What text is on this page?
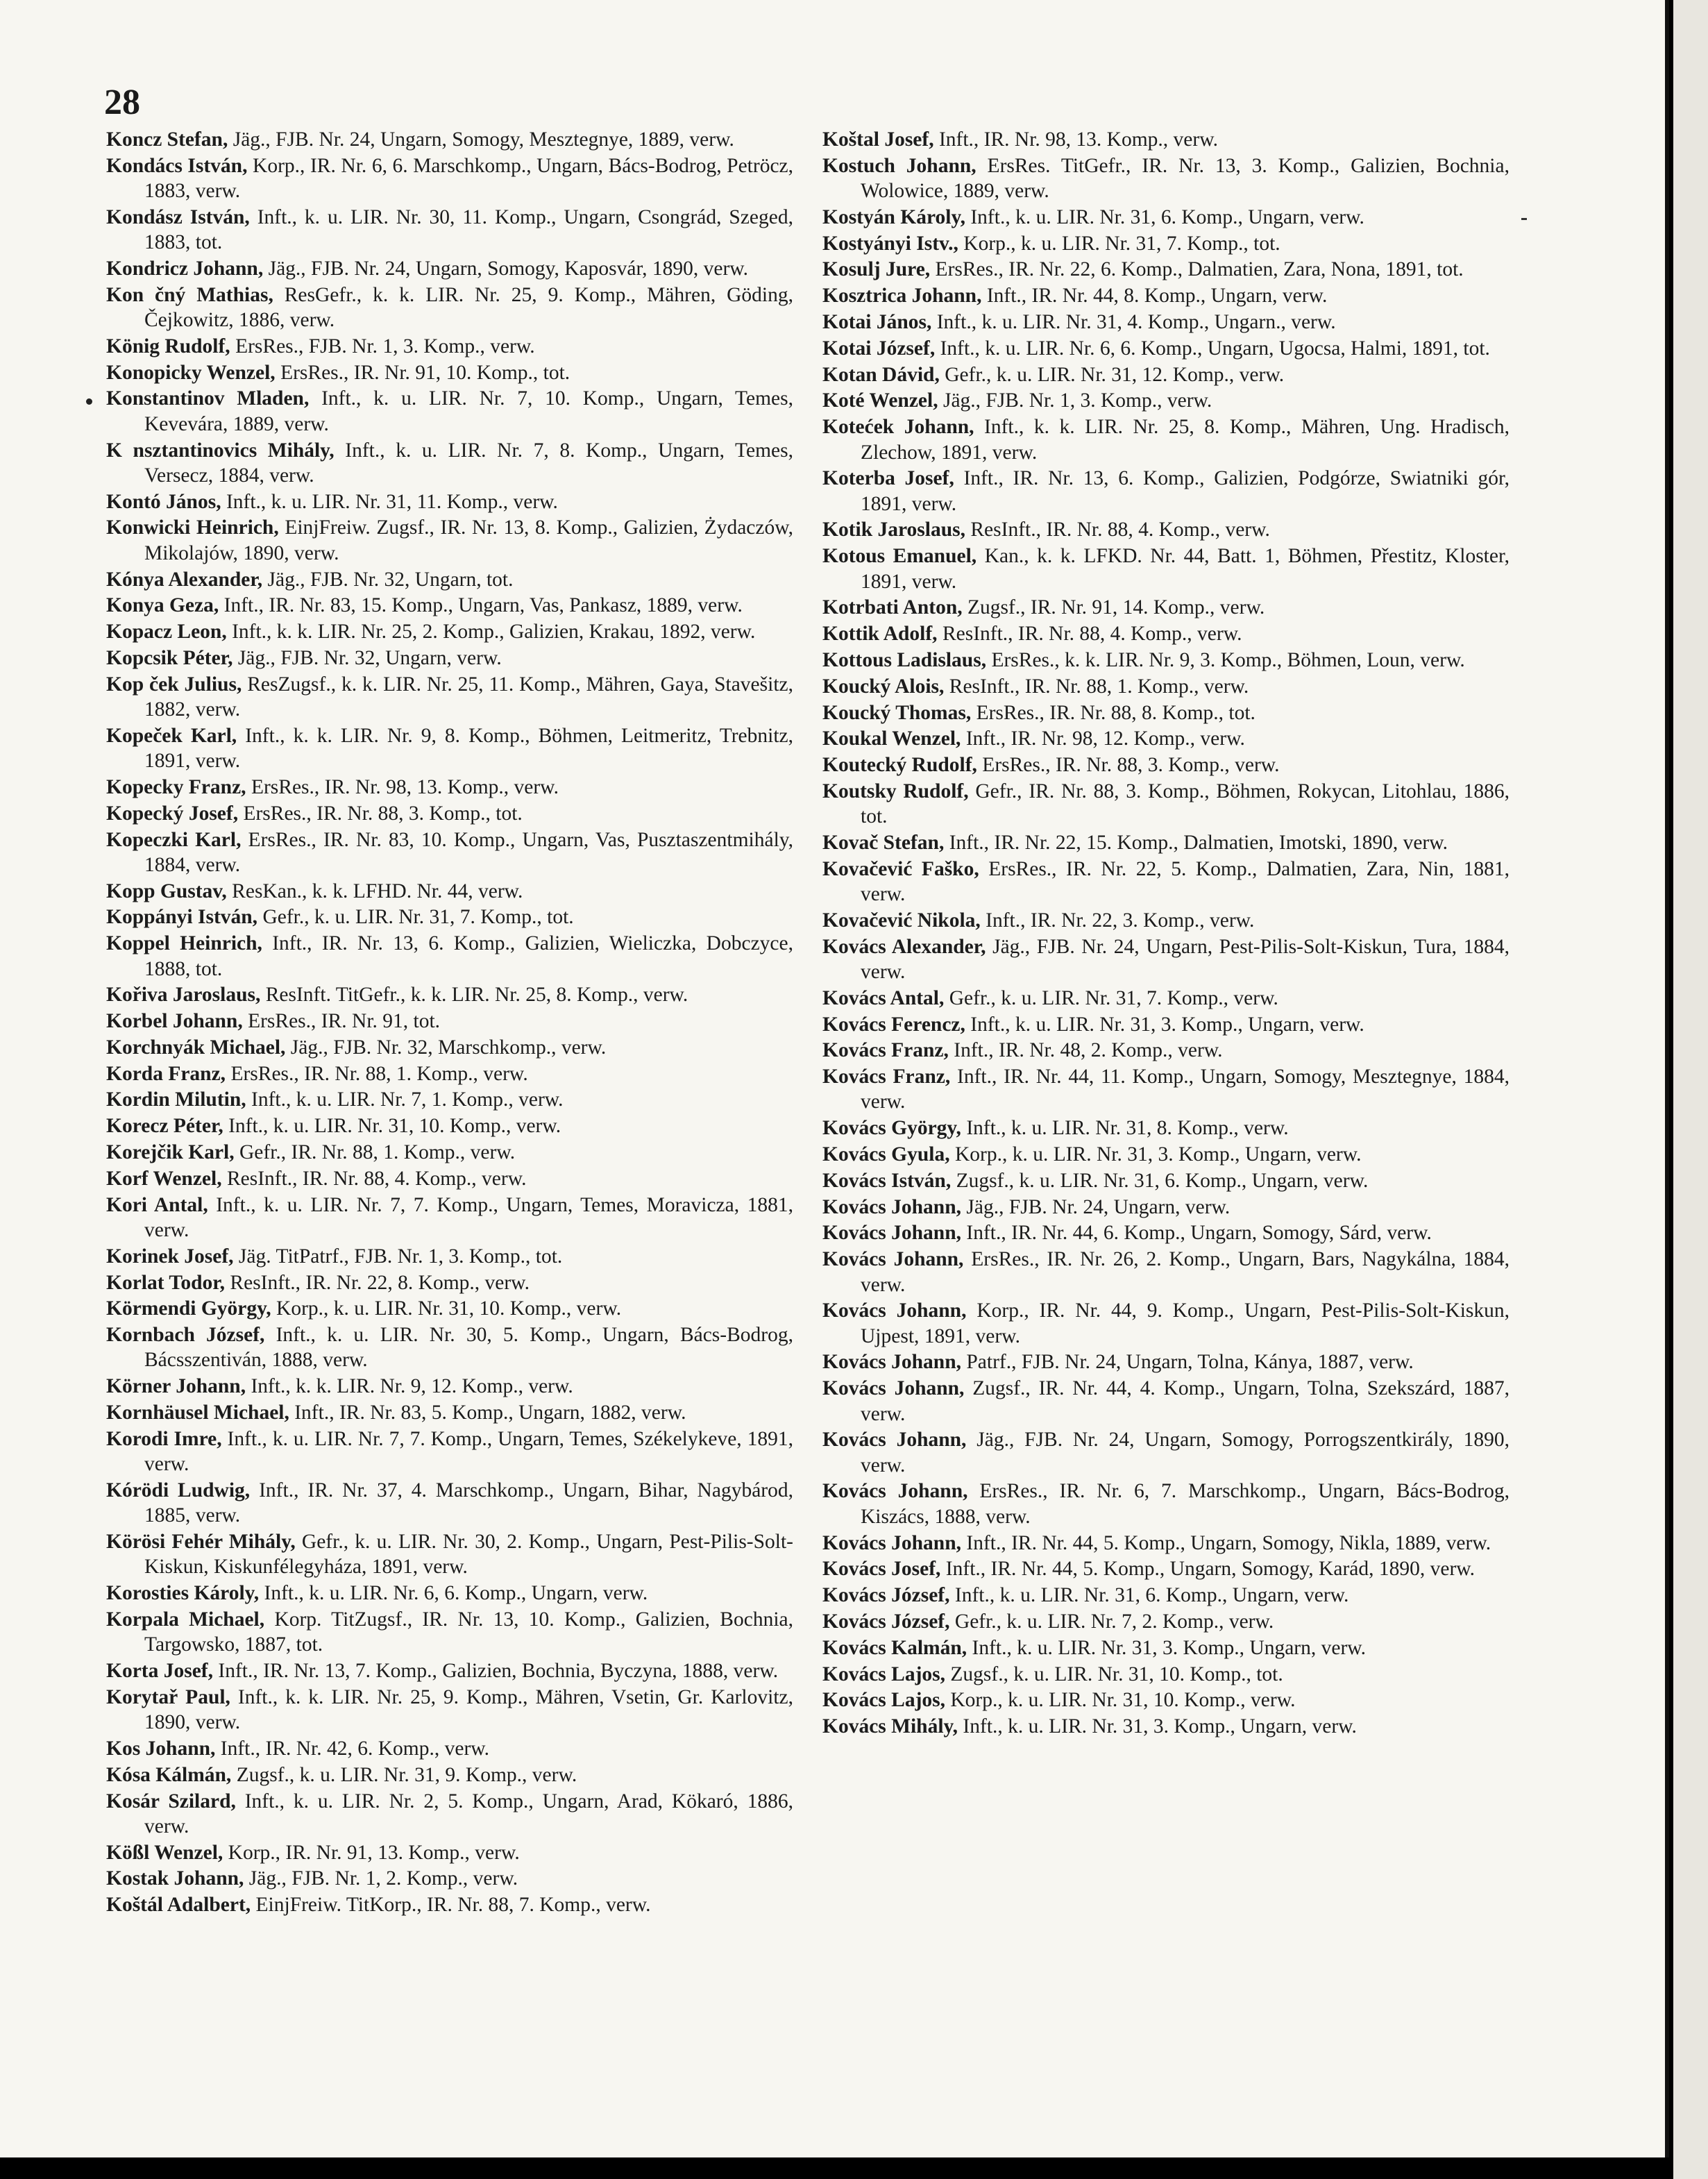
28

Koncz Stefan, Jäg., FJB. Nr. 24, Ungarn, Somogy, Mesztegnye, 1889, verw.

Kondács István, Korp., IR. Nr. 6, 6. Marschkomp., Ungarn, Bács-Bodrog, Petröcz, 1883, verw.

Kondász István, Inft., k. u. LIR. Nr. 30, 11. Komp., Ungarn, Csongrád, Szeged, 1883, tot.

Kondricz Johann, Jäg., FJB. Nr. 24, Ungarn, Somogy, Kaposvár, 1890, verw.

Kon čný Mathias, ResGefr., k. k. LIR. Nr. 25, 9. Komp., Mähren, Göding, Čejkowitz, 1886, verw.

König Rudolf, ErsRes., FJB. Nr. 1, 3. Komp., verw.

Konopicky Wenzel, ErsRes., IR. Nr. 91, 10. Komp., tot.

Konstantinov Mladen, Inft., k. u. LIR. Nr. 7, 10. Komp., Ungarn, Temes, Kevevára, 1889, verw.

K nsztantinovics Mihály, Inft., k. u. LIR. Nr. 7, 8. Komp., Ungarn, Temes, Versecz, 1884, verw.

Kontó János, Inft., k. u. LIR. Nr. 31, 11. Komp., verw.

Konwicki Heinrich, EinjFreiw. Zugsf., IR. Nr. 13, 8. Komp., Galizien, Żydaczów, Mikolajów, 1890, verw.

Kónya Alexander, Jäg., FJB. Nr. 32, Ungarn, tot.

Konya Geza, Inft., IR. Nr. 83, 15. Komp., Ungarn, Vas, Pankasz, 1889, verw.

Kopacz Leon, Inft., k. k. LIR. Nr. 25, 2. Komp., Galizien, Krakau, 1892, verw.

Kopcsik Péter, Jäg., FJB. Nr. 32, Ungarn, verw.

Kop ček Julius, ResZugsf., k. k. LIR. Nr. 25, 11. Komp., Mähren, Gaya, Stavešitz, 1882, verw.

Kopeček Karl, Inft., k. k. LIR. Nr. 9, 8. Komp., Böhmen, Leitmeritz, Trebnitz, 1891, verw.

Kopecky Franz, ErsRes., IR. Nr. 98, 13. Komp., verw.

Kopecký Josef, ErsRes., IR. Nr. 88, 3. Komp., tot.

Kopeczki Karl, ErsRes., IR. Nr. 83, 10. Komp., Ungarn, Vas, Pusztaszentmihály, 1884, verw.

Kopp Gustav, ResKan., k. k. LFHD. Nr. 44, verw.

Koppányi István, Gefr., k. u. LIR. Nr. 31, 7. Komp., tot.

Koppel Heinrich, Inft., IR. Nr. 13, 6. Komp., Galizien, Wieliczka, Dobczyce, 1888, tot.

Kořiva Jaroslaus, ResInft. TitGefr., k. k. LIR. Nr. 25, 8. Komp., verw.

Korbel Johann, ErsRes., IR. Nr. 91, tot.

Korchnyák Michael, Jäg., FJB. Nr. 32, Marschkomp., verw.

Korda Franz, ErsRes., IR. Nr. 88, 1. Komp., verw.

Kordin Milutin, Inft., k. u. LIR. Nr. 7, 1. Komp., verw.

Korecz Péter, Inft., k. u. LIR. Nr. 31, 10. Komp., verw.

Korejčik Karl, Gefr., IR. Nr. 88, 1. Komp., verw.

Korf Wenzel, ResInft., IR. Nr. 88, 4. Komp., verw.

Kori Antal, Inft., k. u. LIR. Nr. 7, 7. Komp., Ungarn, Temes, Moravicza, 1881, verw.

Korinek Josef, Jäg. TitPatrf., FJB. Nr. 1, 3. Komp., tot.

Korlat Todor, ResInft., IR. Nr. 22, 8. Komp., verw.

Körmendi György, Korp., k. u. LIR. Nr. 31, 10. Komp., verw.

Kornbach József, Inft., k. u. LIR. Nr. 30, 5. Komp., Ungarn, Bács-Bodrog, Bácsszentiván, 1888, verw.

Körner Johann, Inft., k. k. LIR. Nr. 9, 12. Komp., verw.

Kornhäusel Michael, Inft., IR. Nr. 83, 5. Komp., Ungarn, 1882, verw.

Korodi Imre, Inft., k. u. LIR. Nr. 7, 7. Komp., Ungarn, Temes, Székelykeve, 1891, verw.

Kórödi Ludwig, Inft., IR. Nr. 37, 4. Marschkomp., Ungarn, Bihar, Nagybárod, 1885, verw.

Körösi Fehér Mihály, Gefr., k. u. LIR. Nr. 30, 2. Komp., Ungarn, Pest-Pilis-Solt-Kiskun, Kiskunfélegyháza, 1891, verw.

Korosties Károly, Inft., k. u. LIR. Nr. 6, 6. Komp., Ungarn, verw.

Korpala Michael, Korp. TitZugsf., IR. Nr. 13, 10. Komp., Galizien, Bochnia, Targowsko, 1887, tot.

Korta Josef, Inft., IR. Nr. 13, 7. Komp., Galizien, Bochnia, Byczyna, 1888, verw.

Korytař Paul, Inft., k. k. LIR. Nr. 25, 9. Komp., Mähren, Vsetin, Gr. Karlovitz, 1890, verw.

Kos Johann, Inft., IR. Nr. 42, 6. Komp., verw.

Kósa Kálmán, Zugsf., k. u. LIR. Nr. 31, 9. Komp., verw.

Kosár Szilard, Inft., k. u. LIR. Nr. 2, 5. Komp., Ungarn, Arad, Kökaró, 1886, verw.

Kößl Wenzel, Korp., IR. Nr. 91, 13. Komp., verw.

Kostak Johann, Jäg., FJB. Nr. 1, 2. Komp., verw.

Koštál Adalbert, EinjFreiw. TitKorp., IR. Nr. 88, 7. Komp., verw.

Koštal Josef, Inft., IR. Nr. 98, 13. Komp., verw.

Kostuch Johann, ErsRes. TitGefr., IR. Nr. 13, 3. Komp., Galizien, Bochnia, Wolowice, 1889, verw.

Kostyán Károly, Inft., k. u. LIR. Nr. 31, 6. Komp., Ungarn, verw.

Kostyányi Istv., Korp., k. u. LIR. Nr. 31, 7. Komp., tot.

Kosulj Jure, ErsRes., IR. Nr. 22, 6. Komp., Dalmatien, Zara, Nona, 1891, tot.

Kosztrica Johann, Inft., IR. Nr. 44, 8. Komp., Ungarn, verw.

Kotai János, Inft., k. u. LIR. Nr. 31, 4. Komp., Ungarn., verw.

Kotai József, Inft., k. u. LIR. Nr. 6, 6. Komp., Ungarn, Ugocsa, Halmi, 1891, tot.

Kotan Dávid, Gefr., k. u. LIR. Nr. 31, 12. Komp., verw.

Koté Wenzel, Jäg., FJB. Nr. 1, 3. Komp., verw.

Kotećek Johann, Inft., k. k. LIR. Nr. 25, 8. Komp., Mähren, Ung. Hradisch, Zlechow, 1891, verw.

Koterba Josef, Inft., IR. Nr. 13, 6. Komp., Galizien, Podgórze, Swiatniki gór, 1891, verw.

Kotik Jaroslaus, ResInft., IR. Nr. 88, 4. Komp., verw.

Kotous Emanuel, Kan., k. k. LFKD. Nr. 44, Batt. 1, Böhmen, Přestitz, Kloster, 1891, verw.

Kotrbati Anton, Zugsf., IR. Nr. 91, 14. Komp., verw.

Kottik Adolf, ResInft., IR. Nr. 88, 4. Komp., verw.

Kottous Ladislaus, ErsRes., k. k. LIR. Nr. 9, 3. Komp., Böhmen, Loun, verw.

Koucký Alois, ResInft., IR. Nr. 88, 1. Komp., verw.

Koucký Thomas, ErsRes., IR. Nr. 88, 8. Komp., tot.

Koukal Wenzel, Inft., IR. Nr. 98, 12. Komp., verw.

Koutecký Rudolf, ErsRes., IR. Nr. 88, 3. Komp., verw.

Koutsky Rudolf, Gefr., IR. Nr. 88, 3. Komp., Böhmen, Rokycan, Litohlau, 1886, tot.

Kovač Stefan, Inft., IR. Nr. 22, 15. Komp., Dalmatien, Imotski, 1890, verw.

Kovačević Faško, ErsRes., IR. Nr. 22, 5. Komp., Dalmatien, Zara, Nin, 1881, verw.

Kovačević Nikola, Inft., IR. Nr. 22, 3. Komp., verw.

Kovács Alexander, Jäg., FJB. Nr. 24, Ungarn, Pest-Pilis-Solt-Kiskun, Tura, 1884, verw.

Kovács Antal, Gefr., k. u. LIR. Nr. 31, 7. Komp., verw.

Kovács Ferencz, Inft., k. u. LIR. Nr. 31, 3. Komp., Ungarn, verw.

Kovács Franz, Inft., IR. Nr. 48, 2. Komp., verw.

Kovács Franz, Inft., IR. Nr. 44, 11. Komp., Ungarn, Somogy, Mesztegnye, 1884, verw.

Kovács György, Inft., k. u. LIR. Nr. 31, 8. Komp., verw.

Kovács Gyula, Korp., k. u. LIR. Nr. 31, 3. Komp., Ungarn, verw.

Kovács István, Zugsf., k. u. LIR. Nr. 31, 6. Komp., Ungarn, verw.

Kovács Johann, Jäg., FJB. Nr. 24, Ungarn, verw.

Kovács Johann, Inft., IR. Nr. 44, 6. Komp., Ungarn, Somogy, Sárd, verw.

Kovács Johann, ErsRes., IR. Nr. 26, 2. Komp., Ungarn, Bars, Nagykálna, 1884, verw.

Kovács Johann, Korp., IR. Nr. 44, 9. Komp., Ungarn, Pest-Pilis-Solt-Kiskun, Ujpest, 1891, verw.

Kovács Johann, Patrf., FJB. Nr. 24, Ungarn, Tolna, Kánya, 1887, verw.

Kovács Johann, Zugsf., IR. Nr. 44, 4. Komp., Ungarn, Tolna, Szekszárd, 1887, verw.

Kovács Johann, Jäg., FJB. Nr. 24, Ungarn, Somogy, Porrogszentkirály, 1890, verw.

Kovács Johann, ErsRes., IR. Nr. 6, 7. Marschkomp., Ungarn, Bács-Bodrog, Kiszács, 1888, verw.

Kovács Johann, Inft., IR. Nr. 44, 5. Komp., Ungarn, Somogy, Nikla, 1889, verw.

Kovács Josef, Inft., IR. Nr. 44, 5. Komp., Ungarn, Somogy, Karád, 1890, verw.

Kovács József, Inft., k. u. LIR. Nr. 31, 6. Komp., Ungarn, verw.

Kovács József, Gefr., k. u. LIR. Nr. 7, 2. Komp., verw.

Kovács Kalmán, Inft., k. u. LIR. Nr. 31, 3. Komp., Ungarn, verw.

Kovács Lajos, Zugsf., k. u. LIR. Nr. 31, 10. Komp., tot.

Kovács Lajos, Korp., k. u. LIR. Nr. 31, 10. Komp., verw.

Kovács Mihály, Inft., k. u. LIR. Nr. 31, 3. Komp., Ungarn, verw.
